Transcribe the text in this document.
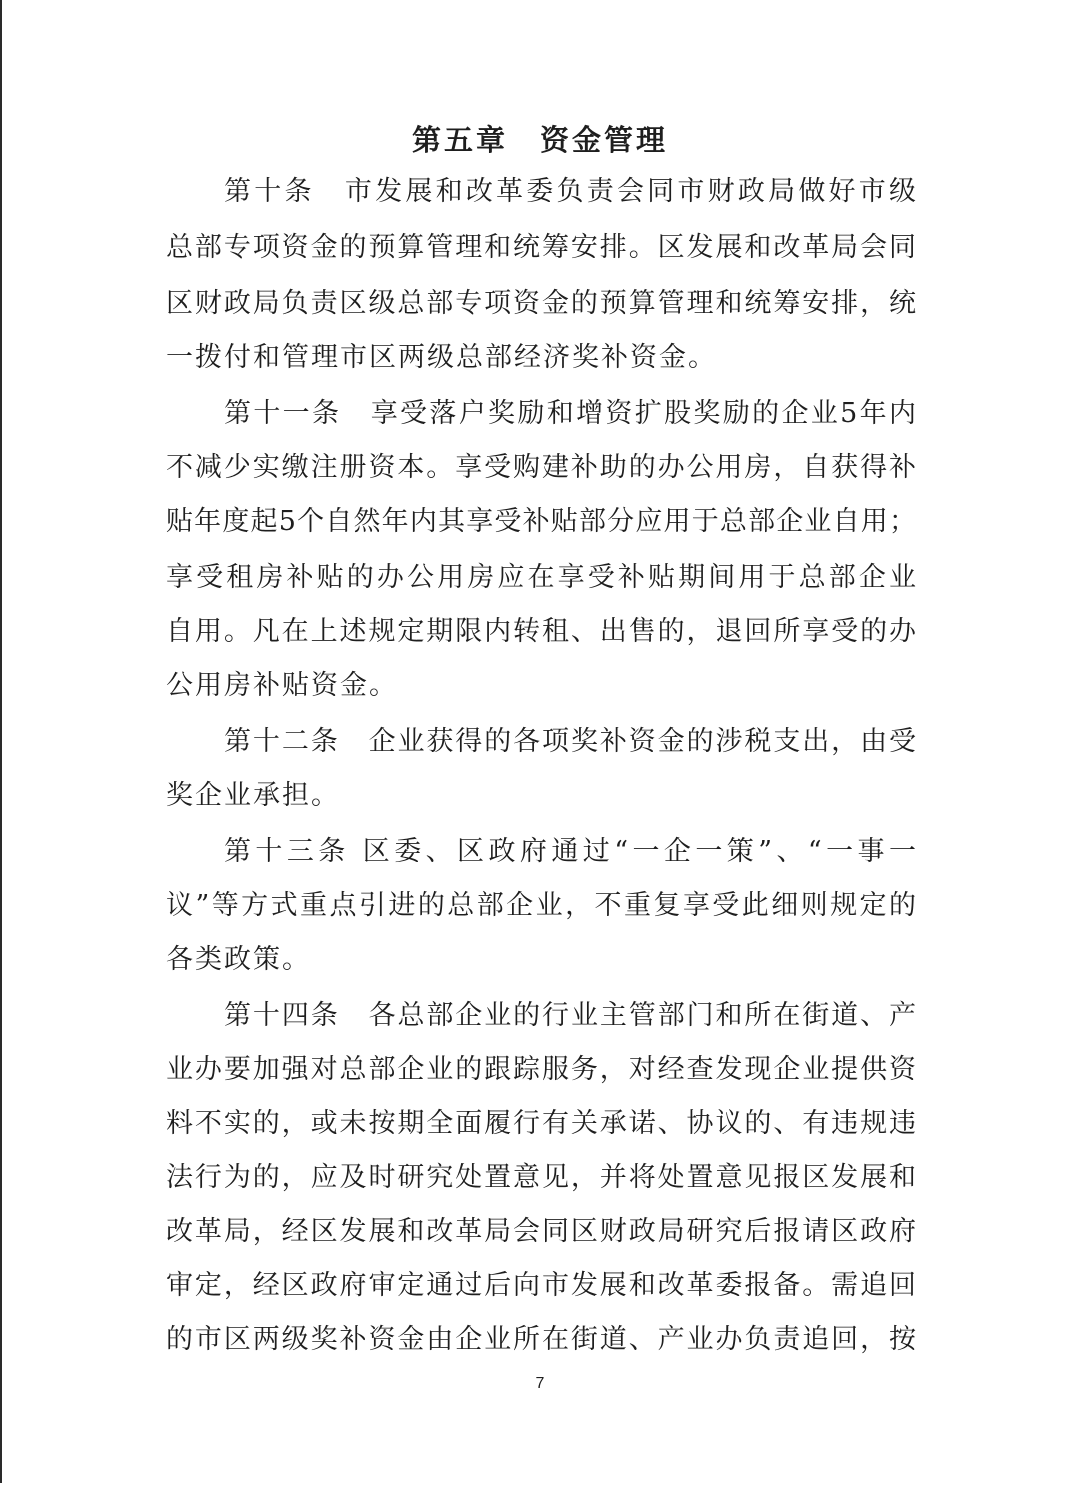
第五章　资金管理
第十条　市发展和改革委负责会同市财政局做好市级
总部专项资金的预算管理和统筹安排。区发展和改革局会同
区财政局负责区级总部专项资金的预算管理和统筹安排，统
一拨付和管理市区两级总部经济奖补资金。
第十一条　享受落户奖励和增资扩股奖励的企业5年内
不减少实缴注册资本。享受购建补助的办公用房，自获得补
贴年度起5个自然年内其享受补贴部分应用于总部企业自用；
享受租房补贴的办公用房应在享受补贴期间用于总部企业
自用。凡在上述规定期限内转租、出售的，退回所享受的办
公用房补贴资金。
第十二条　企业获得的各项奖补资金的涉税支出，由受
奖企业承担。
第十三条 区委、区政府通过“一企一策”、“一事一
议”等方式重点引进的总部企业，不重复享受此细则规定的
各类政策。
第十四条　各总部企业的行业主管部门和所在街道、产
业办要加强对总部企业的跟踪服务，对经查发现企业提供资
料不实的，或未按期全面履行有关承诺、协议的、有违规违
法行为的，应及时研究处置意见，并将处置意见报区发展和
改革局，经区发展和改革局会同区财政局研究后报请区政府
审定，经区政府审定通过后向市发展和改革委报备。需追回
的市区两级奖补资金由企业所在街道、产业办负责追回，按
7
